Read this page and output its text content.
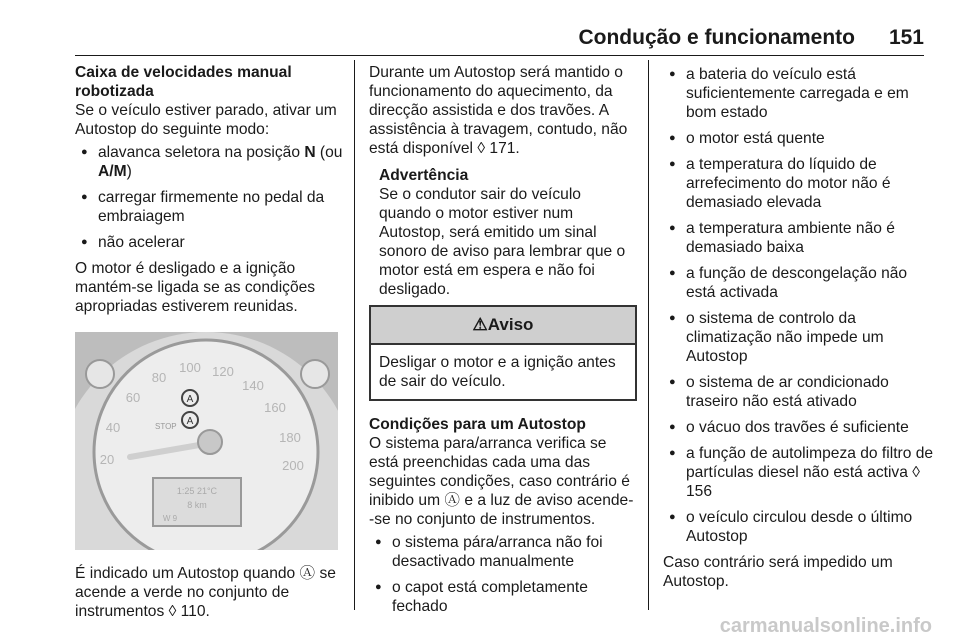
Condução e funcionamento 151

Caixa de velocidades manual robotizada

Se o veículo estiver parado, ativar um Autostop do seguinte modo:

● alavanca seletora na posição N (ou A/M)
● carregar firmemente no pedal da embraiagem
● não acelerar

O motor é desligado e a ignição mantém-se ligada se as condições apropriadas estiverem reunidas.

20
40
60
80
100 120
140
160
180
200
STOP
A
A
1:25 21°C
8 km
W 9

É indicado um Autostop quando Ⓐ se acende a verde no conjunto de instrumentos ◊ 110.

Durante um Autostop será mantido o funcionamento do aquecimento, da direcção assistida e dos travões. A assistência à travagem, contudo, não está disponível ◊ 171.

Advertência

Se o condutor sair do veículo quando o motor estiver num Autostop, será emitido um sinal sonoro de aviso para lembrar que o motor está em espera e não foi desligado.

⚠Aviso
Desligar o motor e a ignição antes de sair do veículo.

Condições para um Autostop

O sistema para/arranca verifica se está preenchidas cada uma das seguintes condições, caso contrário é inibido um Ⓐ e a luz de aviso acende--se no conjunto de instrumentos.

● o sistema pára/arranca não foi desactivado manualmente
● o capot está completamente fechado
● a bateria do veículo está suficientemente carregada e em bom estado
● o motor está quente
● a temperatura do líquido de arrefecimento do motor não é demasiado elevada
● a temperatura ambiente não é demasiado baixa
● a função de descongelação não está activada
● o sistema de controlo da climatização não impede um Autostop
● o sistema de ar condicionado traseiro não está ativado
● o vácuo dos travões é suficiente
● a função de autolimpeza do filtro de partículas diesel não está activa ◊ 156
● o veículo circulou desde o último Autostop

Caso contrário será impedido um Autostop.

carmanualsonline.info
